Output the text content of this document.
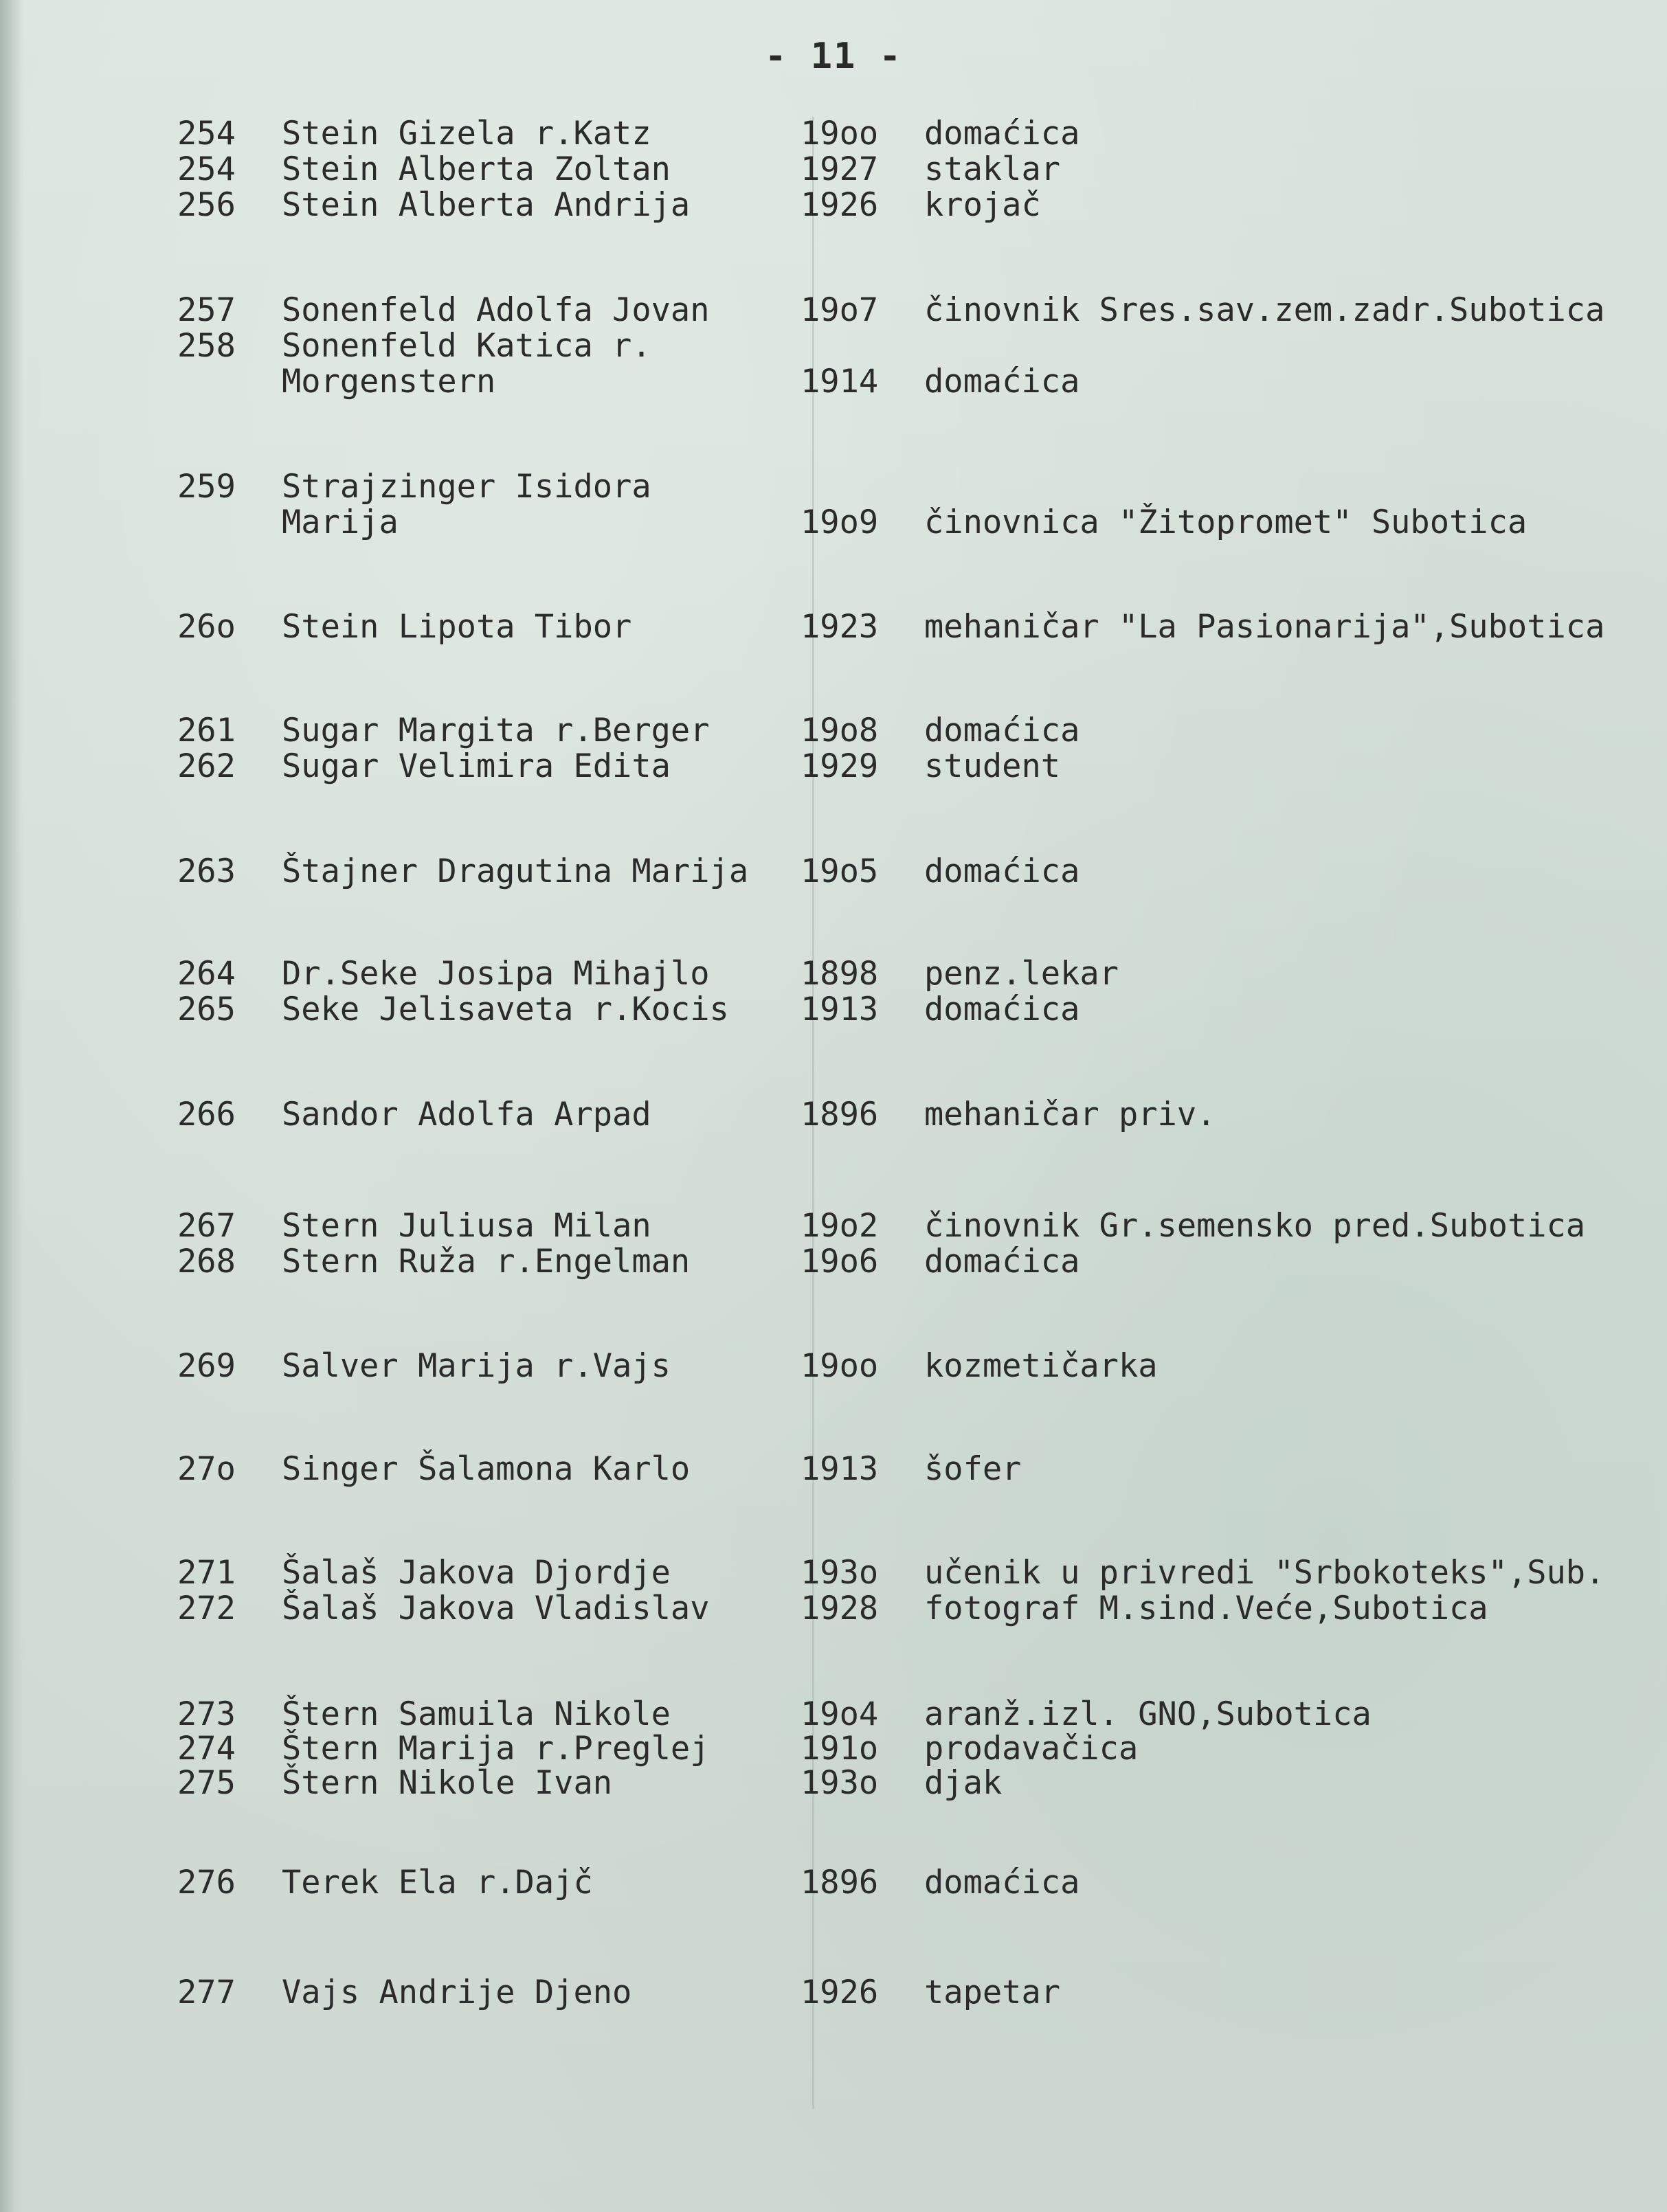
- 11 -
254 Stein Gizela r.Katz	19oo domaćica
254 Stein Alberta Zoltan	1927 staklar
256 Stein Alberta Andrija	1926 krojač
257 Sonenfeld Adolfa Jovan	19o7 činovnik Sres.sav.zem.zadr.Subotica
258 Sonenfeld Katica r.
Morgenstern	1914 domaćica
259 Strajzinger Isidora
Marija	19o9 činovnica "Žitopromet" Subotica
26o Stein Lipota Tibor	1923 mehaničar "La Pasionarija",Subotica
261 Sugar Margita r.Berger	19o8 domaćica
262 Sugar Velimira Edita	1929 student
263 Štajner Dragutina Marija 19o5 domaćica
264 Dr.Seke Josipa Mihajlo	1898 penz.lekar
265 Seke Jelisaveta r.Kocis 1913 domaćica
266 Sandor Adolfa Arpad	1896 mehaničar priv.
267 Stern Juliusa Milan	19o2 činovnik Gr.semensko pred.Subotica
268 Stern Ruža r.Engelman	19o6 domaćica
269 Salver Marija r.Vajs	19oo kozmetičarka
27o Singer Šalamona Karlo	1913 šofer
271 Šalaš Jakova Djordje	193o učenik u privredi "Srbokoteks",Sub.
272 Šalaš Jakova Vladislav	1928 fotograf M.sind.Veće,Subotica
273 Štern Samuila Nikole	19o4 aranž.izl. GNO,Subotica
274 Štern Marija r.Preglej	191o prodavačica
275 Štern Nikole Ivan	193o djak
276 Terek Ela r.Dajč	1896 domaćica
277 Vajs Andrije Djeno	1926 tapetar
